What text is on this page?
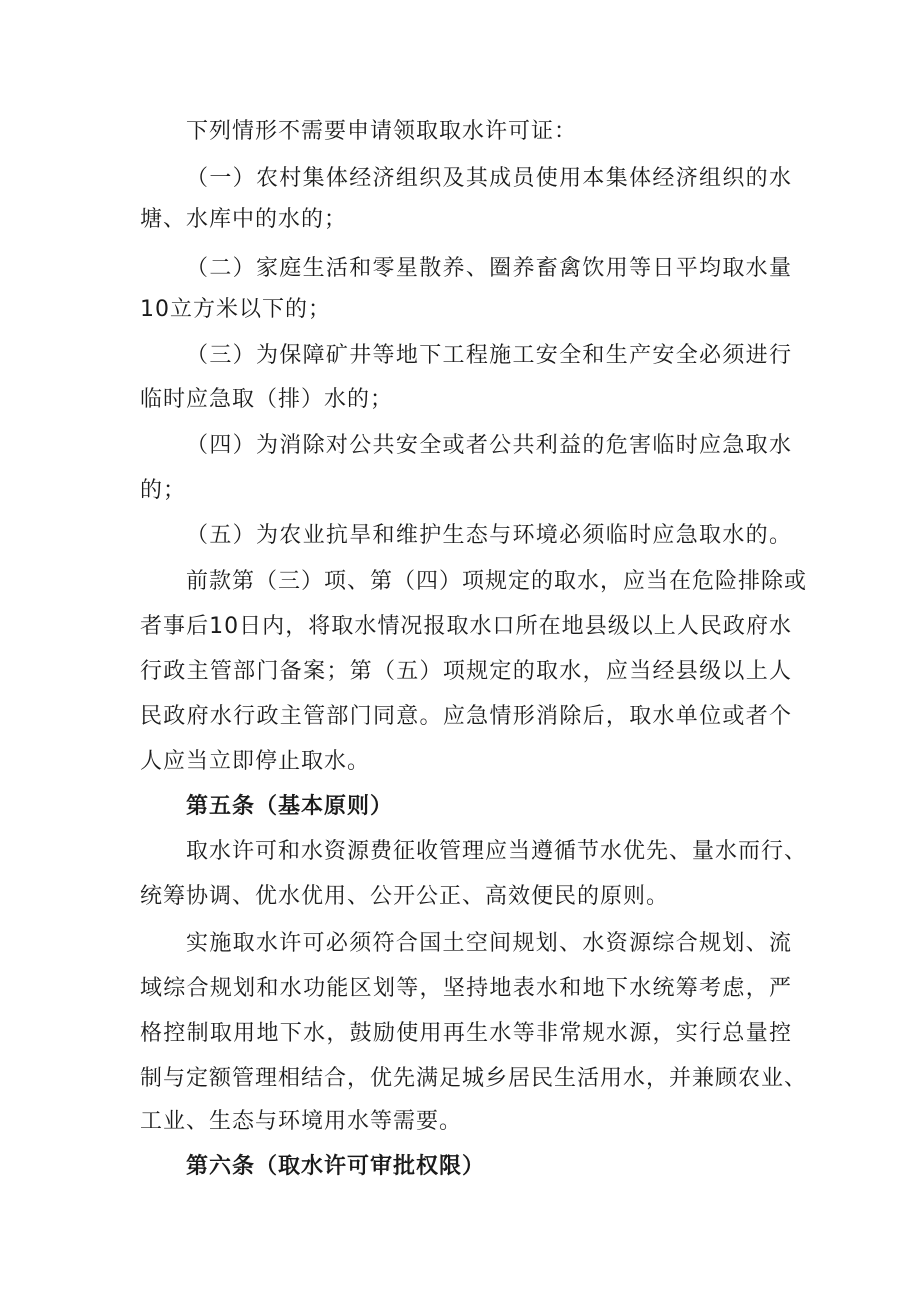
下列情形不需要申请领取取水许可证：
（一）农村集体经济组织及其成员使用本集体经济组织的水
塘、水库中的水的；
（二）家庭生活和零星散养、圈养畜禽饮用等日平均取水量
10立方米以下的；
（三）为保障矿井等地下工程施工安全和生产安全必须进行
临时应急取（排）水的；
（四）为消除对公共安全或者公共利益的危害临时应急取水
的；
（五）为农业抗旱和维护生态与环境必须临时应急取水的。
前款第（三）项、第（四）项规定的取水，应当在危险排除或
者事后10日内，将取水情况报取水口所在地县级以上人民政府水
行政主管部门备案；第（五）项规定的取水，应当经县级以上人
民政府水行政主管部门同意。应急情形消除后，取水单位或者个
人应当立即停止取水。
第五条（基本原则）
取水许可和水资源费征收管理应当遵循节水优先、量水而行、
统筹协调、优水优用、公开公正、高效便民的原则。
实施取水许可必须符合国土空间规划、水资源综合规划、流
域综合规划和水功能区划等，坚持地表水和地下水统筹考虑，严
格控制取用地下水，鼓励使用再生水等非常规水源，实行总量控
制与定额管理相结合，优先满足城乡居民生活用水，并兼顾农业、
工业、生态与环境用水等需要。
第六条（取水许可审批权限）
